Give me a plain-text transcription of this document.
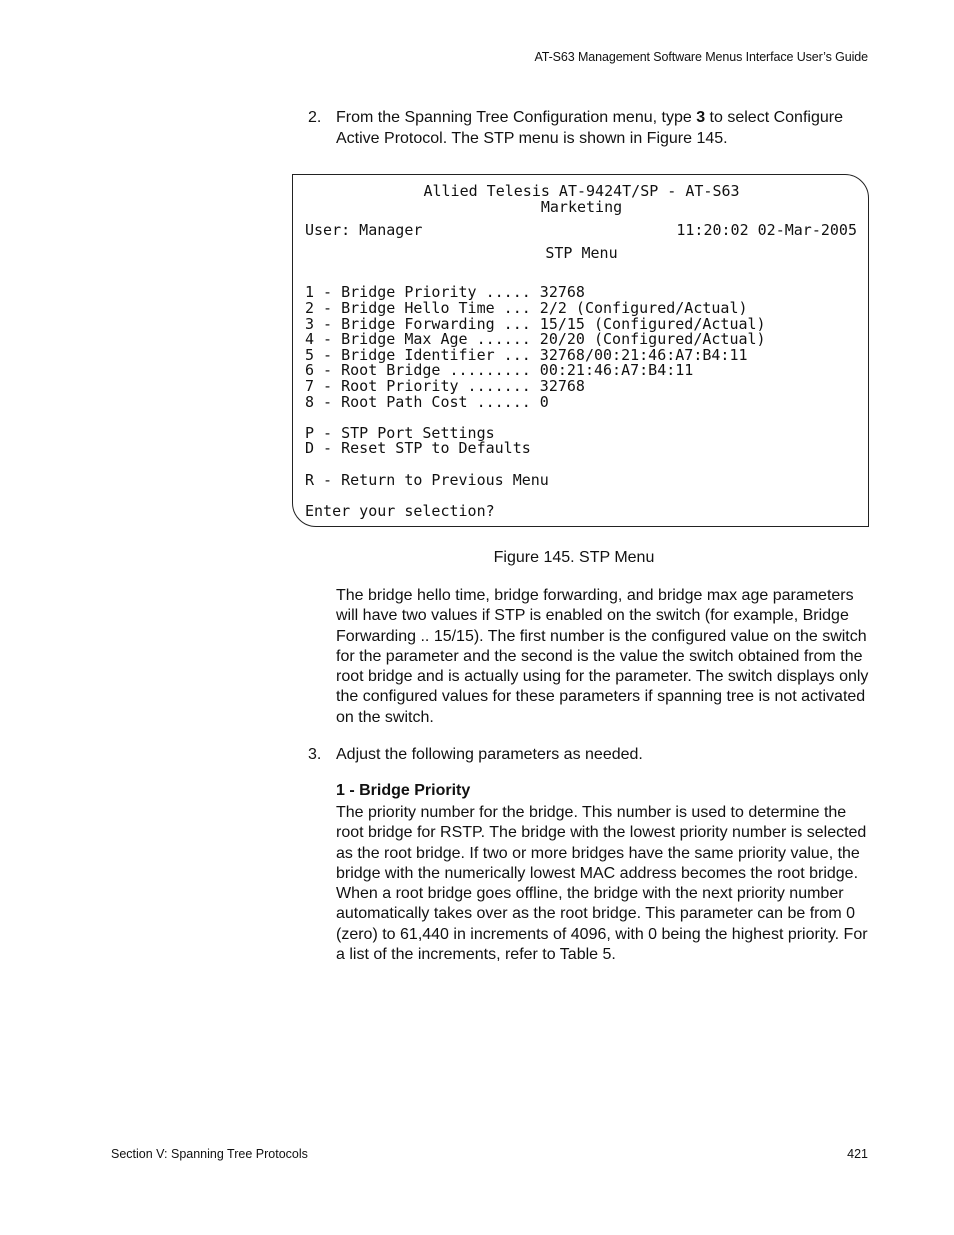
AT-S63 Management Software Menus Interface User’s Guide
2. From the Spanning Tree Configuration menu, type 3 to select Configure Active Protocol. The STP menu is shown in Figure 145.
Allied Telesis AT-9424T/SP - AT-S63
Marketing
User: Manager	11:20:02 02-Mar-2005
STP Menu
1 - Bridge Priority ..... 32768
2 - Bridge Hello Time ... 2/2 (Configured/Actual)
3 - Bridge Forwarding ... 15/15 (Configured/Actual)
4 - Bridge Max Age ...... 20/20 (Configured/Actual)
5 - Bridge Identifier ... 32768/00:21:46:A7:B4:11
6 - Root Bridge ......... 00:21:46:A7:B4:11
7 - Root Priority ....... 32768
8 - Root Path Cost ...... 0
P - STP Port Settings
D - Reset STP to Defaults
R - Return to Previous Menu
Enter your selection?
Figure 145. STP Menu
The bridge hello time, bridge forwarding, and bridge max age parameters will have two values if STP is enabled on the switch (for example, Bridge Forwarding .. 15/15). The first number is the configured value on the switch for the parameter and the second is the value the switch obtained from the root bridge and is actually using for the parameter. The switch displays only the configured values for these parameters if spanning tree is not activated on the switch.
3. Adjust the following parameters as needed.
1 - Bridge Priority
The priority number for the bridge. This number is used to determine the root bridge for RSTP. The bridge with the lowest priority number is selected as the root bridge. If two or more bridges have the same priority value, the bridge with the numerically lowest MAC address becomes the root bridge. When a root bridge goes offline, the bridge with the next priority number automatically takes over as the root bridge. This parameter can be from 0 (zero) to 61,440 in increments of 4096, with 0 being the highest priority. For a list of the increments, refer to Table 5.
Section V: Spanning Tree Protocols	421
